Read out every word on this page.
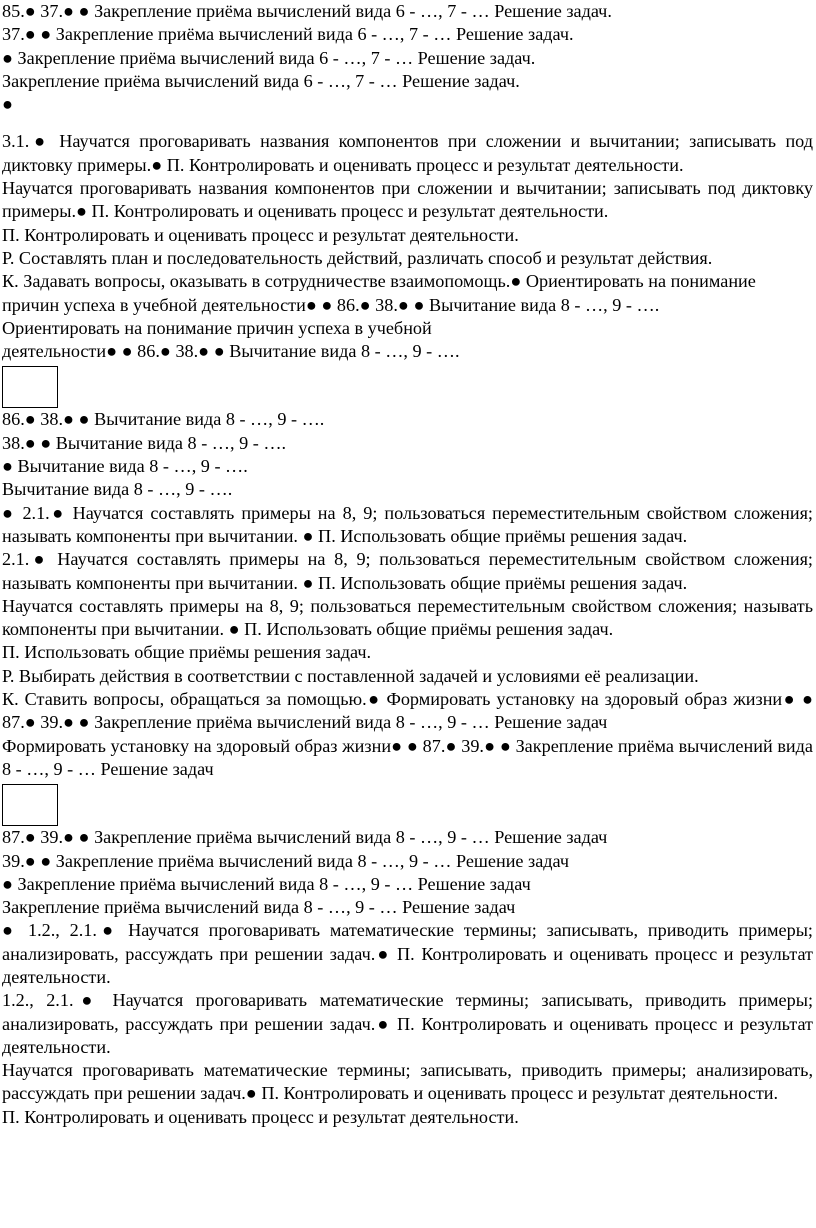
85.● 37.● ● Закрепление приёма вычислений вида 6 - …, 7 - … Решение задач.

37.● ● Закрепление приёма вычислений вида 6 - …, 7 - … Решение задач.

● Закрепление приёма вычислений вида 6 - …, 7 - … Решение задач.

Закрепление приёма вычислений вида 6 - …, 7 - … Решение задач.

●

3.1.● Научатся проговаривать названия компонентов при сложении и вычитании; записывать под диктовку примеры.● П. Контролировать и оценивать процесс и результат деятельности.

Научатся проговаривать названия компонентов при сложении и вычитании; записывать под диктовку примеры.● П. Контролировать и оценивать процесс и результат деятельности.

П. Контролировать и оценивать процесс и результат деятельности.

Р. Составлять план и последовательность действий, различать способ и результат действия.

К. Задавать вопросы, оказывать в сотрудничестве взаимопомощь.● Ориентировать на понимание причин успеха в учебной деятельности● ● 86.● 38.● ● Вычитание вида 8 - …, 9 - ….

Ориентировать на понимание причин успеха в учебной

деятельности● ● 86.● 38.● ● Вычитание вида 8 - …, 9 - ….

86.● 38.● ● Вычитание вида 8 - …, 9 - ….

38.● ● Вычитание вида 8 - …, 9 - ….

● Вычитание вида 8 - …, 9 - ….

Вычитание вида 8 - …, 9 - ….

● 2.1.● Научатся составлять примеры на 8, 9; пользоваться переместительным свойством сложения; называть компоненты при вычитании. ● П. Использовать общие приёмы решения задач.

2.1.● Научатся составлять примеры на 8, 9; пользоваться переместительным свойством сложения; называть компоненты при вычитании. ● П. Использовать общие приёмы решения задач.

Научатся составлять примеры на 8, 9; пользоваться переместительным свойством сложения; называть компоненты при вычитании. ● П. Использовать общие приёмы решения задач.

П. Использовать общие приёмы решения задач.

Р. Выбирать действия в соответствии с поставленной задачей и условиями её реализации.

К. Ставить вопросы, обращаться за помощью.● Формировать установку на здоровый образ жизни● ● 87.● 39.● ● Закрепление приёма вычислений вида 8 - …, 9 - … Решение задач

Формировать установку на здоровый образ жизни● ● 87.● 39.● ● Закрепление приёма вычислений вида 8 - …, 9 - … Решение задач

87.● 39.● ● Закрепление приёма вычислений вида 8 - …, 9 - … Решение задач

39.● ● Закрепление приёма вычислений вида 8 - …, 9 - … Решение задач

● Закрепление приёма вычислений вида 8 - …, 9 - … Решение задач

Закрепление приёма вычислений вида 8 - …, 9 - … Решение задач

● 1.2., 2.1.● Научатся проговаривать математические термины; записывать, приводить примеры; анализировать, рассуждать при решении задач.● П. Контролировать и оценивать процесс и результат деятельности.

1.2., 2.1.● Научатся проговаривать математические термины; записывать, приводить примеры; анализировать, рассуждать при решении задач.● П. Контролировать и оценивать процесс и результат деятельности.

Научатся проговаривать математические термины; записывать, приводить примеры; анализировать, рассуждать при решении задач.● П. Контролировать и оценивать процесс и результат деятельности.

П. Контролировать и оценивать процесс и результат деятельности.
